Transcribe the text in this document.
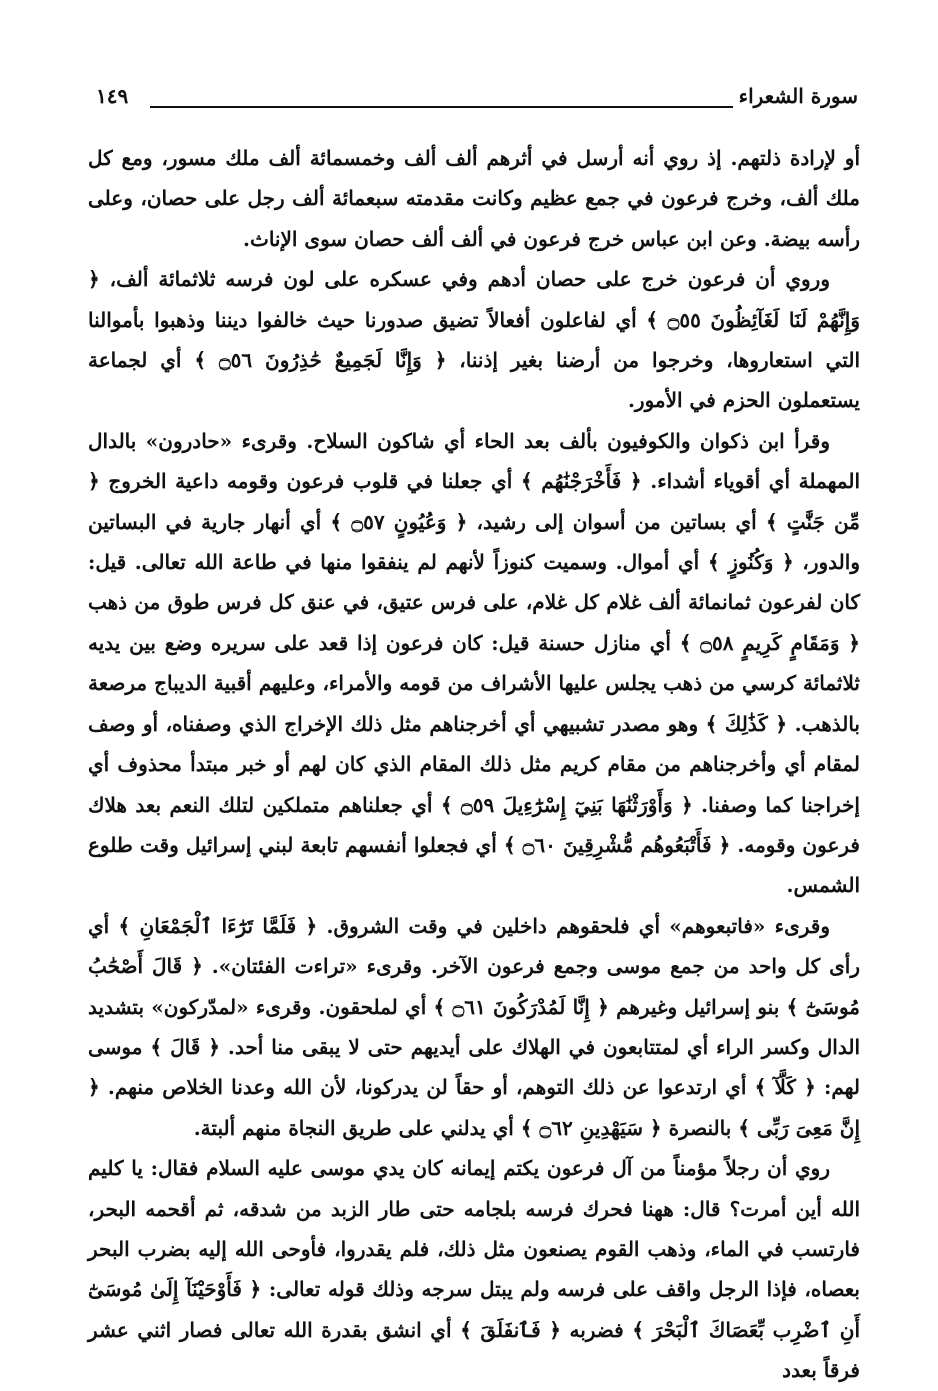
سورة الشعراء
١٤٩

أو لإرادة ذلتهم. إذ روي أنه أرسل في أثرهم ألف ألف وخمسمائة ألف ملك مسور، ومع كل ملك ألف، وخرج فرعون في جمع عظيم وكانت مقدمته سبعمائة ألف رجل على حصان، وعلى رأسه بيضة. وعن ابن عباس خرج فرعون في ألف ألف حصان سوى الإناث.

وروي أن فرعون خرج على حصان أدهم وفي عسكره على لون فرسه ثلاثمائة ألف، ﴿ وَإِنَّهُمْ لَنَا لَغَآئِظُونَ ۝٥٥ ﴾ أي لفاعلون أفعالاً تضيق صدورنا حيث خالفوا ديننا وذهبوا بأموالنا التي استعاروها، وخرجوا من أرضنا بغير إذننا، ﴿ وَإِنَّا لَجَمِيعٌ حَٰذِرُونَ ۝٥٦ ﴾ أي لجماعة يستعملون الحزم في الأمور.

وقرأ ابن ذكوان والكوفيون بألف بعد الحاء أي شاكون السلاح. وقرىء «حادرون» بالدال المهملة أي أقوياء أشداء. ﴿ فَأَخْرَجْنَٰهُم ﴾ أي جعلنا في قلوب فرعون وقومه داعية الخروج ﴿ مِّن جَنَّٰتٍ ﴾ أي بساتين من أسوان إلى رشيد، ﴿ وَعُيُونٍ ۝٥٧ ﴾ أي أنهار جارية في البساتين والدور، ﴿ وَكُنُوزٍ ﴾ أي أموال. وسميت كنوزاً لأنهم لم ينفقوا منها في طاعة الله تعالى. قيل: كان لفرعون ثمانمائة ألف غلام كل غلام، على فرس عتيق، في عنق كل فرس طوق من ذهب ﴿ وَمَقَامٍ كَرِيمٍ ۝٥٨ ﴾ أي منازل حسنة قيل: كان فرعون إذا قعد على سريره وضع بين يديه ثلاثمائة كرسي من ذهب يجلس عليها الأشراف من قومه والأمراء، وعليهم أقبية الديباج مرصعة بالذهب. ﴿ كَذَٰلِكَ ﴾ وهو مصدر تشبيهي أي أخرجناهم مثل ذلك الإخراج الذي وصفناه، أو وصف لمقام أي وأخرجناهم من مقام كريم مثل ذلك المقام الذي كان لهم أو خبر مبتدأ محذوف أي إخراجنا كما وصفنا. ﴿ وَأَوْرَثْنَٰهَا بَنِيٓ إِسْرَٰٓءِيلَ ۝٥٩ ﴾ أي جعلناهم متملكين لتلك النعم بعد هلاك فرعون وقومه. ﴿ فَأَتْبَعُوهُم مُّشْرِقِينَ ۝٦٠ ﴾ أي فجعلوا أنفسهم تابعة لبني إسرائيل وقت طلوع الشمس.

وقرىء «فاتبعوهم» أي فلحقوهم داخلين في وقت الشروق. ﴿ فَلَمَّا تَرَٰٓءَا ٱلْجَمْعَانِ ﴾ أي رأى كل واحد من جمع موسى وجمع فرعون الآخر. وقرىء «تراءت الفئتان». ﴿ قَالَ أَصْحَٰبُ مُوسَىٰٓ ﴾ بنو إسرائيل وغيرهم ﴿ إِنَّا لَمُدْرَكُونَ ۝٦١ ﴾ أي لملحقون. وقرىء «لمدّركون» بتشديد الدال وكسر الراء أي لمتتابعون في الهلاك على أيديهم حتى لا يبقى منا أحد. ﴿ قَالَ ﴾ موسى لهم: ﴿ كَلَّآ ﴾ أي ارتدعوا عن ذلك التوهم، أو حقاً لن يدركونا، لأن الله وعدنا الخلاص منهم. ﴿ إِنَّ مَعِىَ رَبِّى ﴾ بالنصرة ﴿ سَيَهْدِينِ ۝٦٢ ﴾ أي يدلني على طريق النجاة منهم ألبتة.

روي أن رجلاً مؤمناً من آل فرعون يكتم إيمانه كان يدي موسى عليه السلام فقال: يا كليم الله أين أمرت؟ قال: ههنا فحرك فرسه بلجامه حتى طار الزبد من شدقه، ثم أقحمه البحر، فارتسب في الماء، وذهب القوم يصنعون مثل ذلك، فلم يقدروا، فأوحى الله إليه بضرب البحر بعصاه، فإذا الرجل واقف على فرسه ولم يبتل سرجه وذلك قوله تعالى: ﴿ فَأَوْحَيْنَآ إِلَىٰ مُوسَىٰٓ أَنِ ٱضْرِب بِّعَصَاكَ ٱلْبَحْرَ ﴾ فضربه ﴿ فَٱنفَلَقَ ﴾ أي انشق بقدرة الله تعالى فصار اثني عشر فرقاً بعدد
